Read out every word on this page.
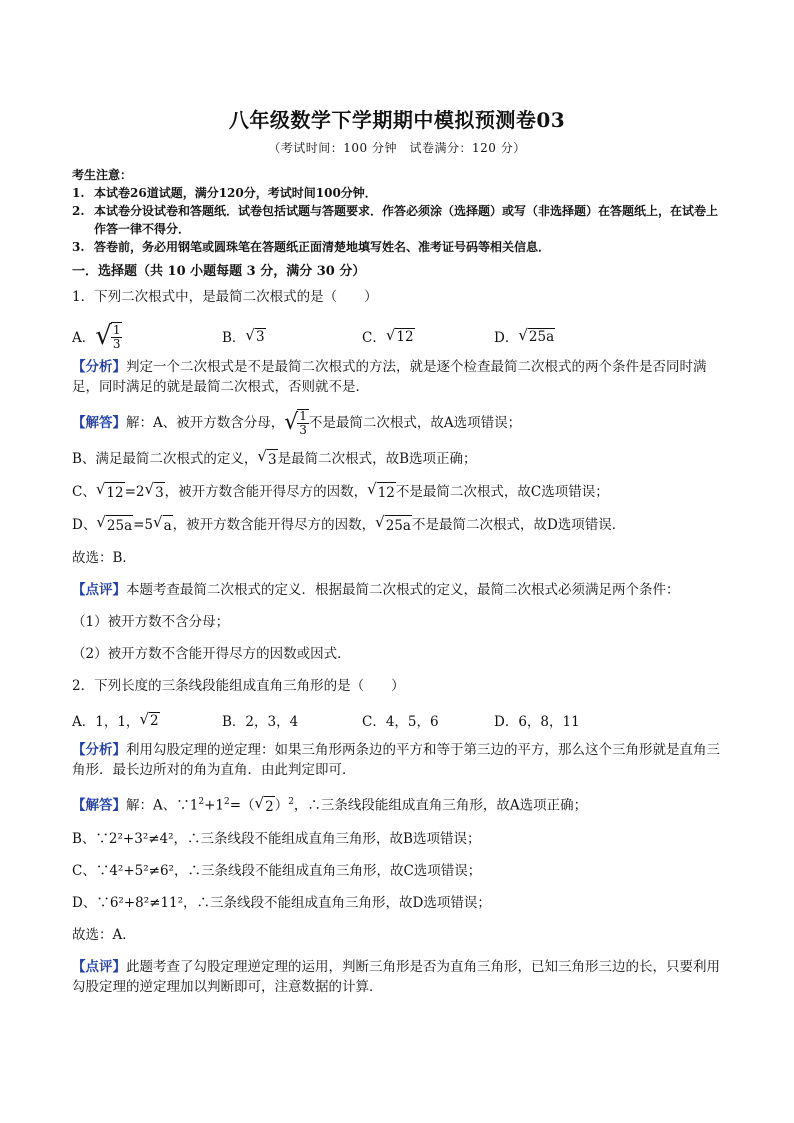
八年级数学下学期期中模拟预测卷03
（考试时间：100 分钟　试卷满分：120 分）
考生注意：
1. 本试卷26道试题，满分120分，考试时间100分钟．
2. 本试卷分设试卷和答题纸．试卷包括试题与答题要求．作答必须涂（选择题）或写（非选择题）在答题纸上，在试卷上作答一律不得分．
3. 答卷前，务必用钢笔或圆珠笔在答题纸正面清楚地填写姓名、准考证号码等相关信息．
一．选择题（共 10 小题每题 3 分，满分 30 分）

1．下列二次根式中，是最简二次根式的是（　　）

A． √ $\frac{1}{3}$	B． √ 3	C． √ 12	D． √ 25a

【分析】判定一个二次根式是不是最简二次根式的方法，就是逐个检查最简二次根式的两个条件是否同时满足，同时满足的就是最简二次根式，否则就不是．

【解答】 解：A、被开方数含分母， √ $\frac{1}{3}$ 不是最简二次根式，故A选项错误；

B、满足最简二次根式的定义， √ 3 是最简二次根式，故B选项正确；

C、 √ 12 =2 √ 3 ，被开方数含能开得尽方的因数， √ 12 不是最简二次根式，故C选项错误；

D、 √ 25a =5 √ a ，被开方数含能开得尽方的因数， √ 25a 不是最简二次根式，故D选项错误．

故选：B．

【点评】本题考查最简二次根式的定义．根据最简二次根式的定义，最简二次根式必须满足两个条件：

（1）被开方数不含分母；

（2）被开方数不含能开得尽方的因数或因式．

2．下列长度的三条线段能组成直角三角形的是（　　）

A．1，1， √ 2	B．2，3，4	C．4，5，6	D．6，8，11

【分析】利用勾股定理的逆定理：如果三角形两条边的平方和等于第三边的平方，那么这个三角形就是直角三角形．最长边所对的角为直角．由此判定即可．

【解答】解：A、$\because 1^2+1^2=$（ √ 2 ）$^2$，∴三条线段能组成直角三角形，故A选项正确；

B、∵2²+3²≠4²，∴三条线段不能组成直角三角形，故B选项错误；

C、∵4²+5²≠6²，∴三条线段不能组成直角三角形，故C选项错误；

D、∵6²+8²≠11²，∴三条线段不能组成直角三角形，故D选项错误；

故选：A．

【点评】此题考查了勾股定理逆定理的运用，判断三角形是否为直角三角形，已知三角形三边的长，只要利用勾股定理的逆定理加以判断即可，注意数据的计算．
